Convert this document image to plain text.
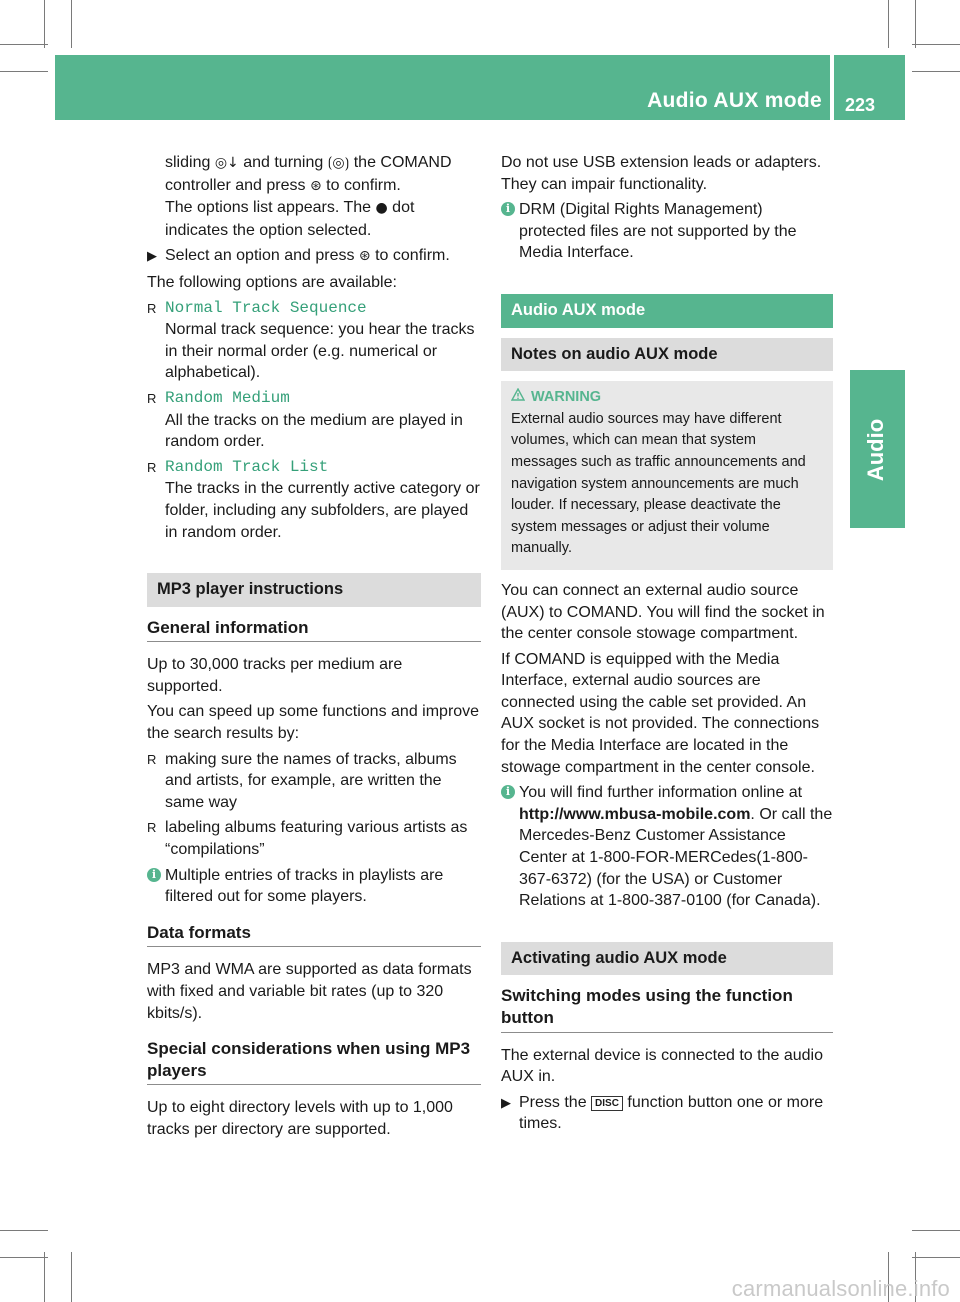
Audio AUX mode 223
Audio

sliding ◎↓ and turning ⟮◎⟯ the COMAND controller and press ⊛ to confirm.
The options list appears. The ● dot indicates the option selected.

▶ Select an option and press ⊛ to confirm.

The following options are available:

R Normal Track Sequence
Normal track sequence: you hear the tracks in their normal order (e.g. numerical or alphabetical).
R Random Medium
All the tracks on the medium are played in random order.
R Random Track List
The tracks in the currently active category or folder, including any subfolders, are played in random order.
MP3 player instructions
General information

Up to 30,000 tracks per medium are supported.

You can speed up some functions and improve the search results by:

R making sure the names of tracks, albums and artists, for example, are written the same way
R labeling albums featuring various artists as “compilations”
i Multiple entries of tracks in playlists are filtered out for some players.
Data formats

MP3 and WMA are supported as data formats with fixed and variable bit rates (up to 320 kbits/s).

Special considerations when using MP3 players

Up to eight directory levels with up to 1,000 tracks per directory are supported.

Do not use USB extension leads or adapters. They can impair functionality.

i DRM (Digital Rights Management) protected files are not supported by the Media Interface.
Audio AUX mode
Notes on audio AUX mode
WARNING
External audio sources may have different volumes, which can mean that system messages such as traffic announcements and navigation system announcements are much louder. If necessary, please deactivate the system messages or adjust their volume manually.

You can connect an external audio source (AUX) to COMAND. You will find the socket in the center console stowage compartment.

If COMAND is equipped with the Media Interface, external audio sources are connected using the cable set provided. An AUX socket is not provided. The connections for the Media Interface are located in the stowage compartment in the center console.

i You will find further information online at http://www.mbusa-mobile.com. Or call the Mercedes-Benz Customer Assistance Center at 1-800-FOR-MERCedes(1-800-367-6372) (for the USA) or Customer Relations at 1-800-387-0100 (for Canada).
Activating audio AUX mode
Switching modes using the function button

The external device is connected to the audio AUX in.

▶ Press the DISC function button one or more times.
carmanualsonline.info
